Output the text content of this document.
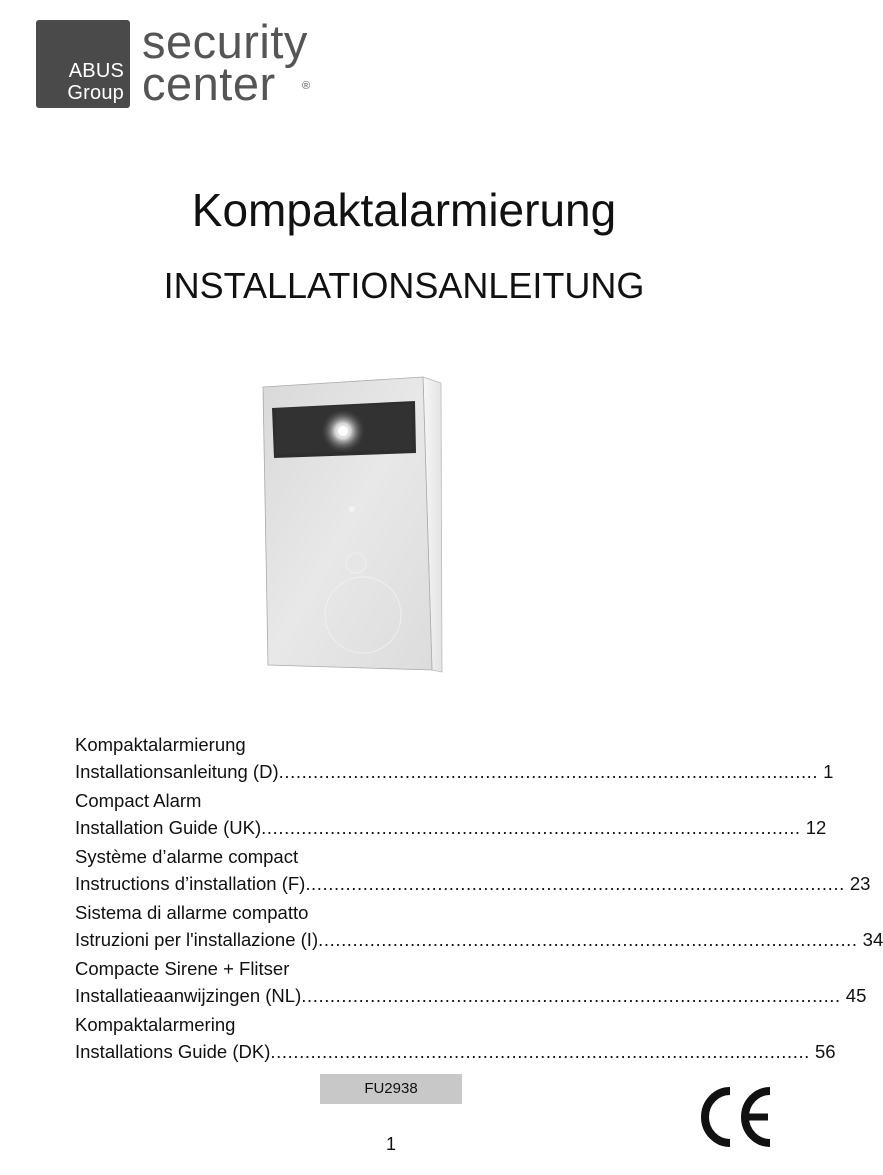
ABUS
Group
security
center ®
Kompaktalarmierung
INSTALLATIONSANLEITUNG
Kompaktalarmierung
Installationsanleitung (D) .............................................................................................. 1
Compact Alarm
Installation Guide (UK) .............................................................................................. 12
Système d’alarme compact
Instructions d’installation (F) .............................................................................................. 23
Sistema di allarme compatto
Istruzioni per l'installazione (I) .............................................................................................. 34
Compacte Sirene + Flitser
Installatieaanwijzingen (NL) .............................................................................................. 45
Kompaktalarmering
Installations Guide (DK) .............................................................................................. 56
FU2938
1
